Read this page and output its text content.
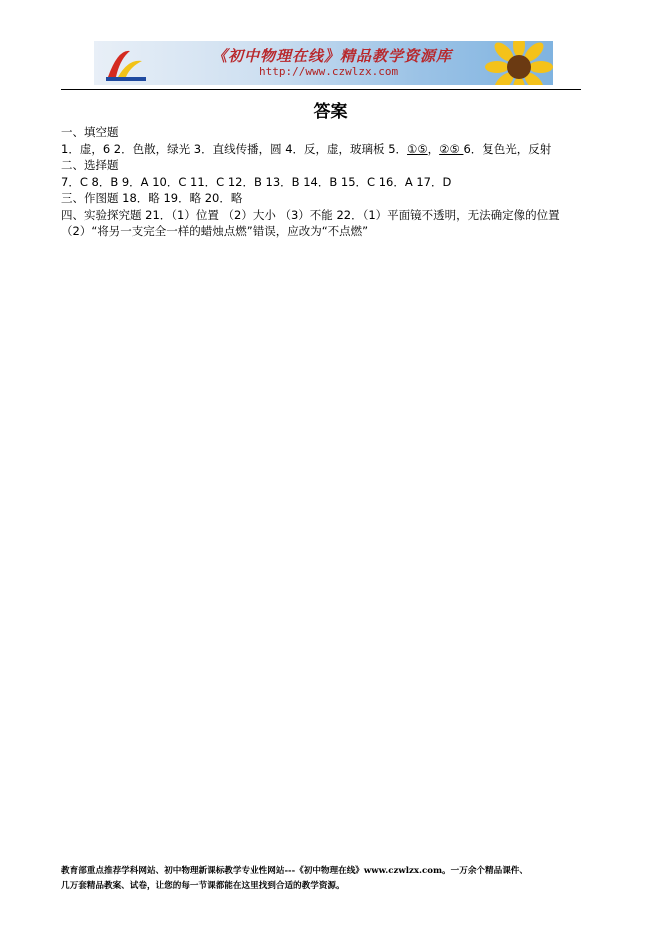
《初中物理在线》精品教学资源库
http://www.czwlzx.com
答案
一、填空题
1．虚，6 2．色散，绿光 3．直线传播，圆 4．反，虚，玻璃板 5．①⑤，②⑤ 6．复色光，反射
二、选择题
7．C 8．B 9．A 10．C 11．C 12．B 13．B 14．B 15．C 16．A 17．D
三、作图题 18．略 19．略 20．略
四、实验探究题 21．（1）位置 （2）大小 （3）不能 22．（1）平面镜不透明，无法确定像的位置
（2）“将另一支完全一样的蜡烛点燃”错误，应改为“不点燃”
教育部重点推荐学科网站、初中物理新课标教学专业性网站---《初中物理在线》www.czwlzx.com。一万余个精品课件、
几万套精品教案、试卷，让您的每一节课都能在这里找到合适的教学资源。
